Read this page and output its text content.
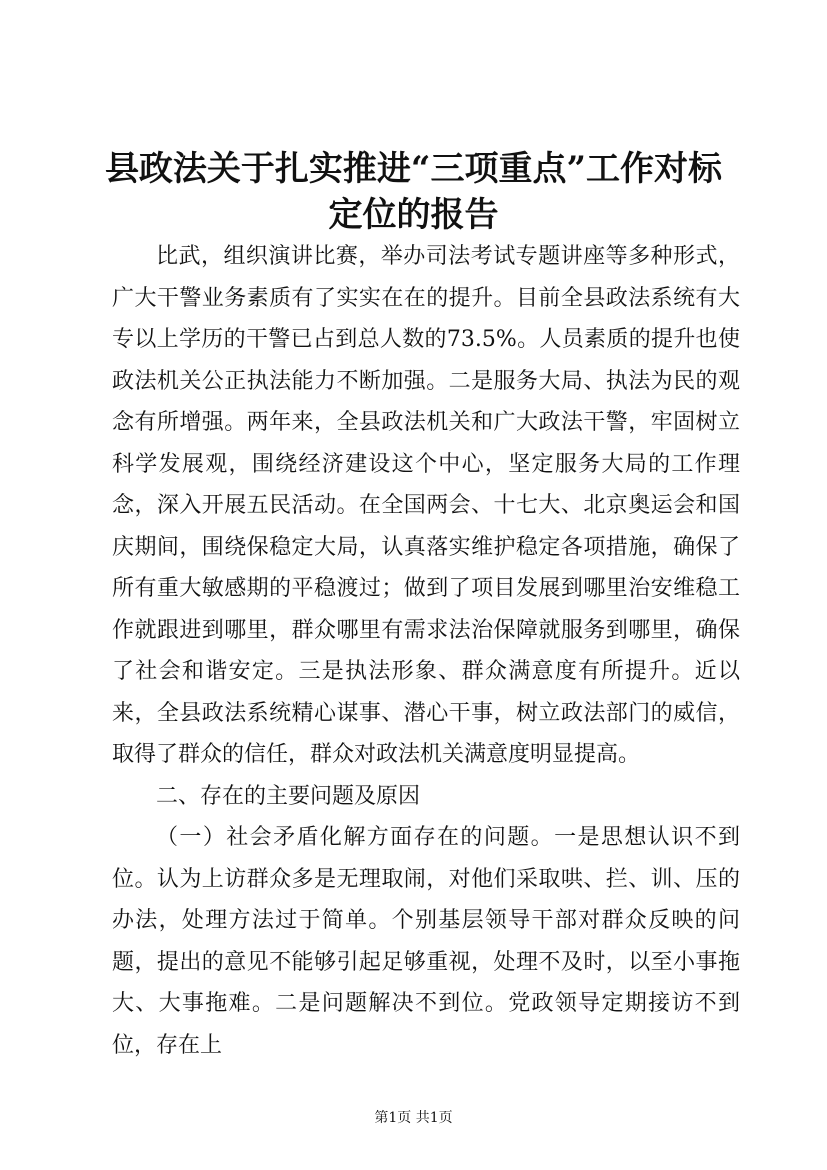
县政法关于扎实推进“三项重点”工作对标定位的报告

比武，组织演讲比赛，举办司法考试专题讲座等多种形式，广大干警业务素质有了实实在在的提升。目前全县政法系统有大专以上学历的干警已占到总人数的73.5%。人员素质的提升也使政法机关公正执法能力不断加强。二是服务大局、执法为民的观念有所增强。两年来，全县政法机关和广大政法干警，牢固树立科学发展观，围绕经济建设这个中心，坚定服务大局的工作理念，深入开展五民活动。在全国两会、十七大、北京奥运会和国庆期间，围绕保稳定大局，认真落实维护稳定各项措施，确保了所有重大敏感期的平稳渡过；做到了项目发展到哪里治安维稳工作就跟进到哪里，群众哪里有需求法治保障就服务到哪里，确保了社会和谐安定。三是执法形象、群众满意度有所提升。近以来，全县政法系统精心谋事、潜心干事，树立政法部门的威信，取得了群众的信任，群众对政法机关满意度明显提高。

二、存在的主要问题及原因

（一）社会矛盾化解方面存在的问题。一是思想认识不到位。认为上访群众多是无理取闹，对他们采取哄、拦、训、压的办法，处理方法过于简单。个别基层领导干部对群众反映的问题，提出的意见不能够引起足够重视，处理不及时，以至小事拖大、大事拖难。二是问题解决不到位。党政领导定期接访不到位，存在上

第1页 共1页
